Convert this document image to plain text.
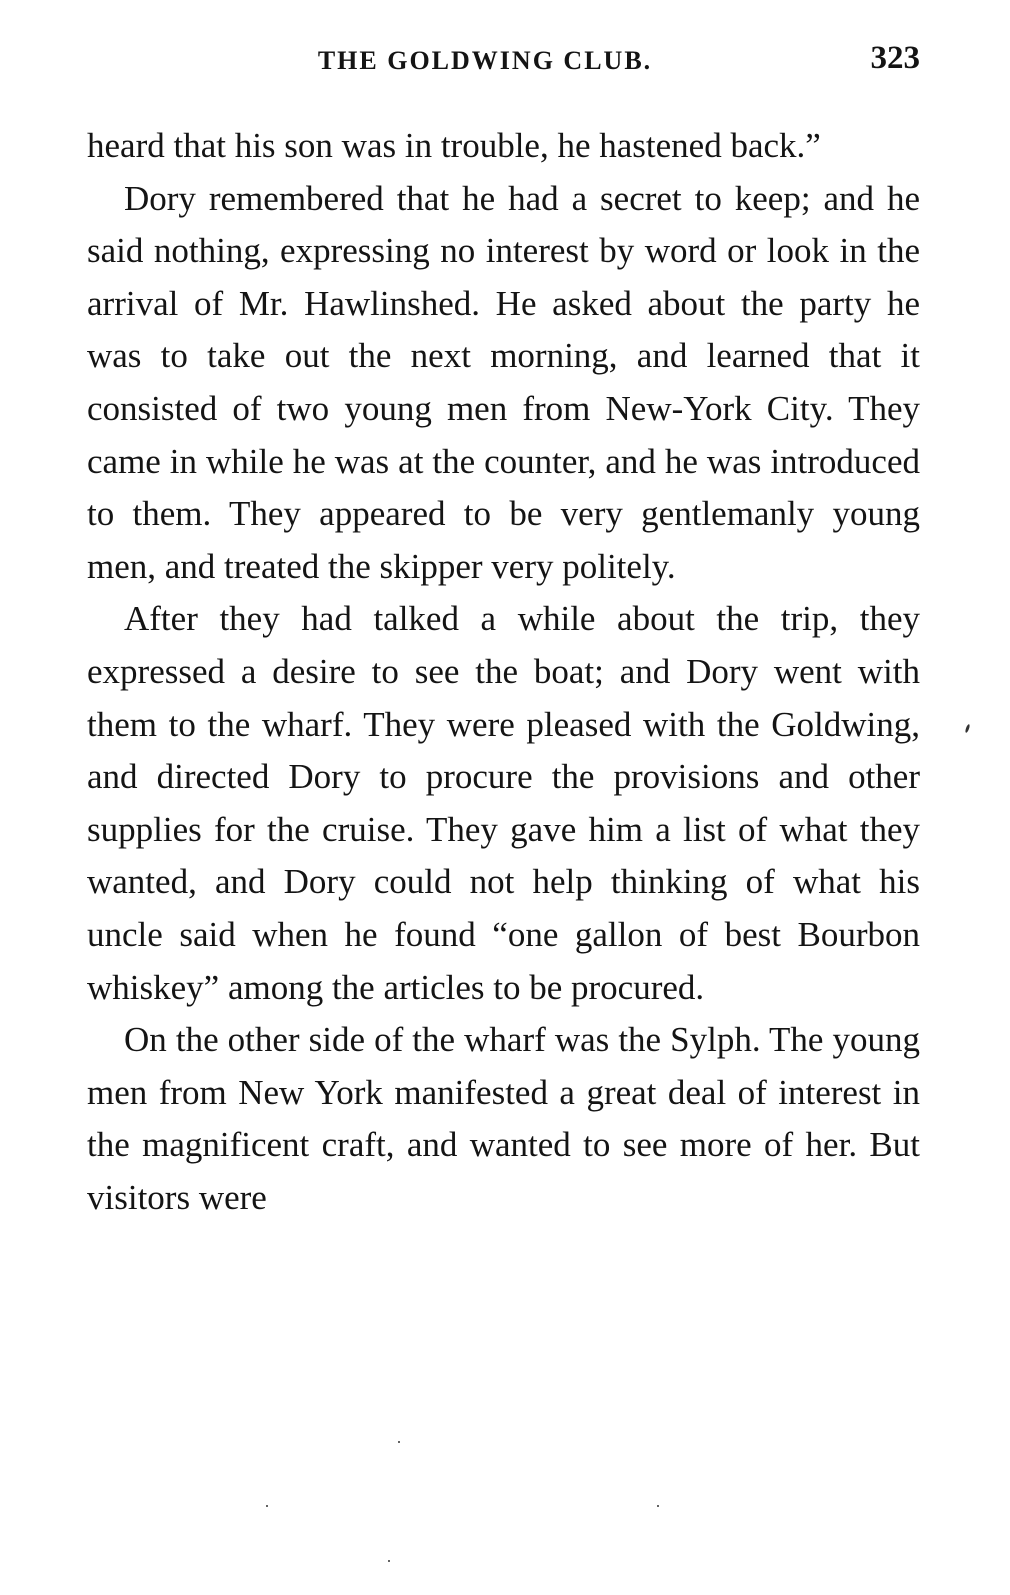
THE GOLDWING CLUB.	323

heard that his son was in trouble, he hastened back.”

Dory remembered that he had a secret to keep; and he said nothing, expressing no interest by word or look in the arrival of Mr. Hawlinshed. He asked about the party he was to take out the next morning, and learned that it consisted of two young men from New-York City. They came in while he was at the counter, and he was introduced to them. They appeared to be very gentlemanly young men, and treated the skipper very politely.

After they had talked a while about the trip, they expressed a desire to see the boat; and Dory went with them to the wharf. They were pleased with the Goldwing, and directed Dory to procure the provisions and other supplies for the cruise. They gave him a list of what they wanted, and Dory could not help thinking of what his uncle said when he found “one gallon of best Bourbon whiskey” among the articles to be procured.

On the other side of the wharf was the Sylph. The young men from New York manifested a great deal of interest in the magnificent craft, and wanted to see more of her. But visitors were
